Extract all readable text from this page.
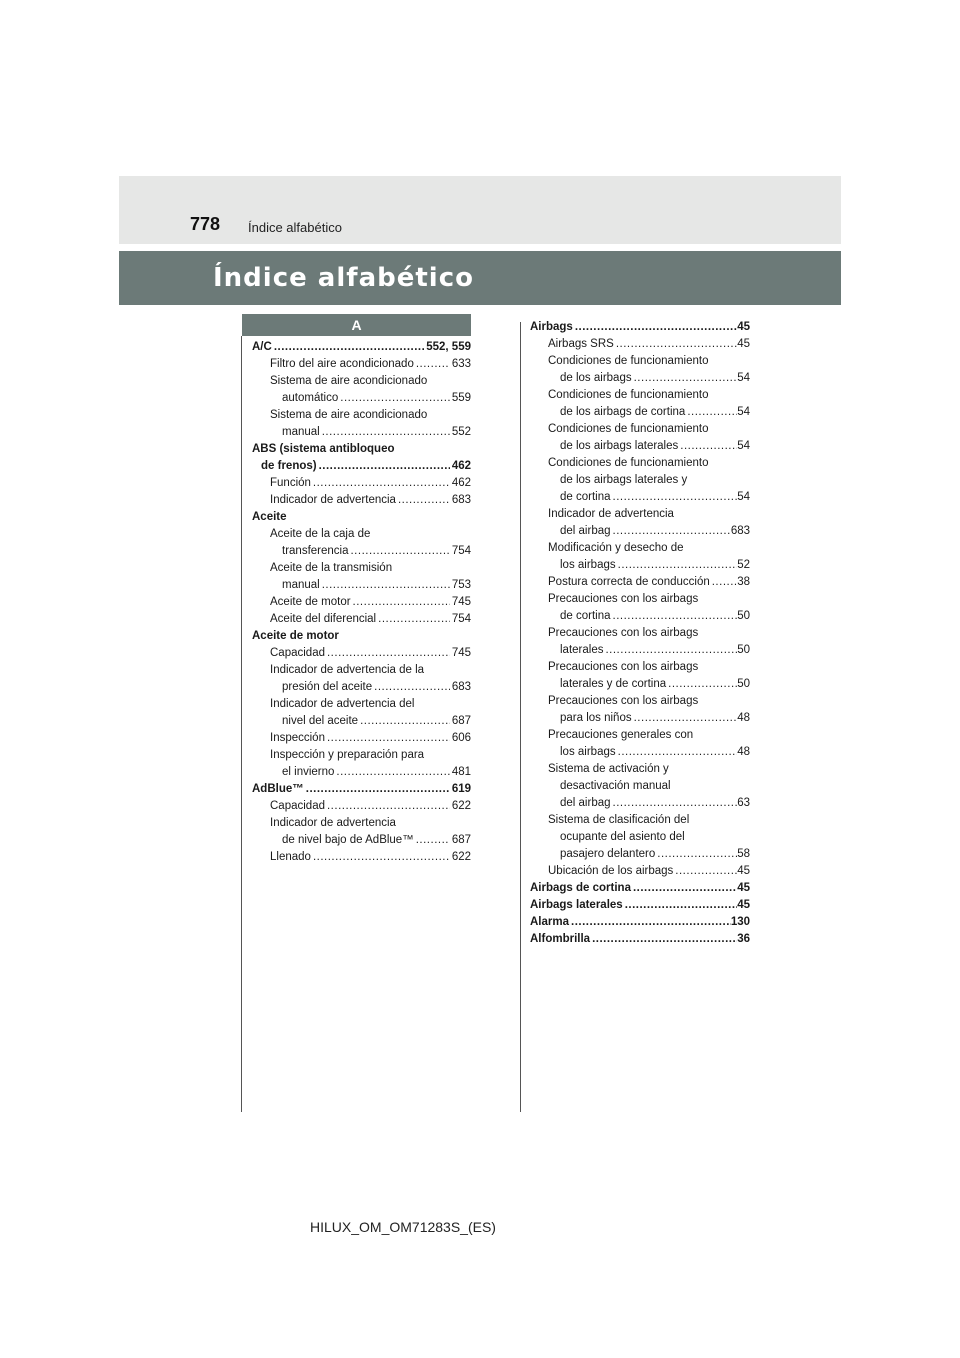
778 Índice alfabético
Índice alfabético
A
A/C .....	552, 559
Filtro del aire acondicionado .....	633
Sistema de aire acondicionado
automático .....	559
Sistema de aire acondicionado
manual .....	552
ABS (sistema antibloqueo
de frenos) .....	462
Función .....	462
Indicador de advertencia .....	683
Aceite
Aceite de la caja de
transferencia .....	754
Aceite de la transmisión
manual .....	753
Aceite de motor .....	745
Aceite del diferencial .....	754
Aceite de motor
Capacidad .....	745
Indicador de advertencia de la
presión del aceite .....	683
Indicador de advertencia del
nivel del aceite .....	687
Inspección .....	606
Inspección y preparación para
el invierno .....	481
AdBlue™ .....	619
Capacidad .....	622
Indicador de advertencia
de nivel bajo de AdBlue™ .....	687
Llenado .....	622
Airbags .....	45
Airbags SRS .....	45
Condiciones de funcionamiento
de los airbags .....	54
Condiciones de funcionamiento
de los airbags de cortina .....	54
Condiciones de funcionamiento
de los airbags laterales .....	54
Condiciones de funcionamiento
de los airbags laterales y
de cortina .....	54
Indicador de advertencia
del airbag .....	683
Modificación y desecho de
los airbags .....	52
Postura correcta de conducción ..... 38
Precauciones con los airbags
de cortina .....	50
Precauciones con los airbags
laterales .....	50
Precauciones con los airbags
laterales y de cortina .....	50
Precauciones con los airbags
para los niños .....	48
Precauciones generales con
los airbags .....	48
Sistema de activación y
desactivación manual
del airbag .....	63
Sistema de clasificación del
ocupante del asiento del
pasajero delantero .....	58
Ubicación de los airbags .....	45
Airbags de cortina .....	45
Airbags laterales .....	45
Alarma .....	130
Alfombrilla .....	36
HILUX_OM_OM71283S_(ES)
